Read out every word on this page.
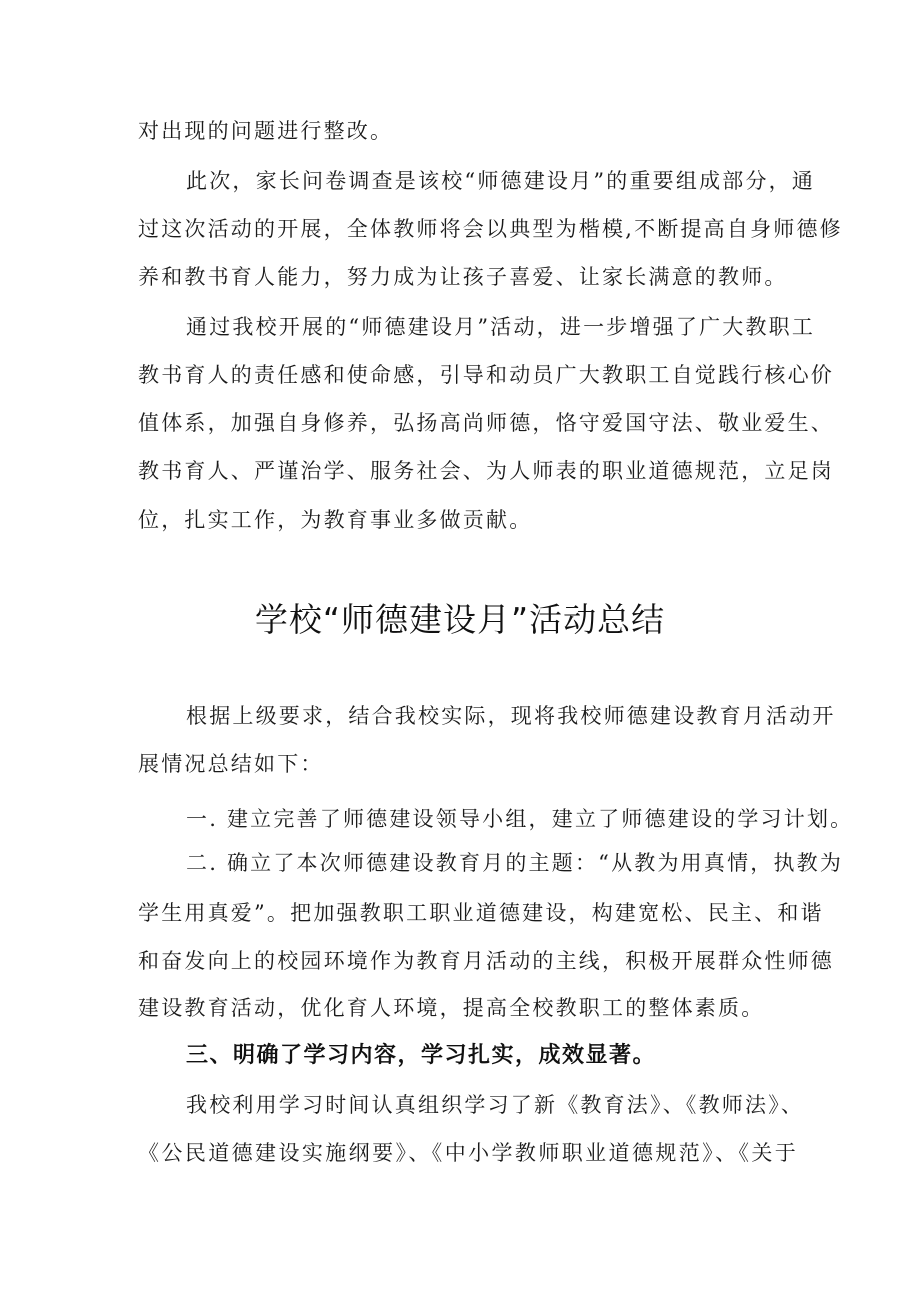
对出现的问题进行整改。
此次，家长问卷调查是该校“师德建设月”的重要组成部分，通
过这次活动的开展，全体教师将会以典型为楷模,不断提高自身师德修
养和教书育人能力，努力成为让孩子喜爱、让家长满意的教师。
通过我校开展的“师德建设月”活动，进一步增强了广大教职工
教书育人的责任感和使命感，引导和动员广大教职工自觉践行核心价
值体系，加强自身修养，弘扬高尚师德，恪守爱国守法、敬业爱生、
教书育人、严谨治学、服务社会、为人师表的职业道德规范，立足岗
位，扎实工作，为教育事业多做贡献。
学校“师德建设月”活动总结
根据上级要求，结合我校实际，现将我校师德建设教育月活动开
展情况总结如下：
一. 建立完善了师德建设领导小组，建立了师德建设的学习计划。
二. 确立了本次师德建设教育月的主题：“从教为用真情，执教为
学生用真爱”。把加强教职工职业道德建设，构建宽松、民主、和谐
和奋发向上的校园环境作为教育月活动的主线，积极开展群众性师德
建设教育活动，优化育人环境，提高全校教职工的整体素质。
三、明确了学习内容，学习扎实，成效显著。
我校利用学习时间认真组织学习了新《教育法》、《教师法》、
《公民道德建设实施纲要》、《中小学教师职业道德规范》、《关于
